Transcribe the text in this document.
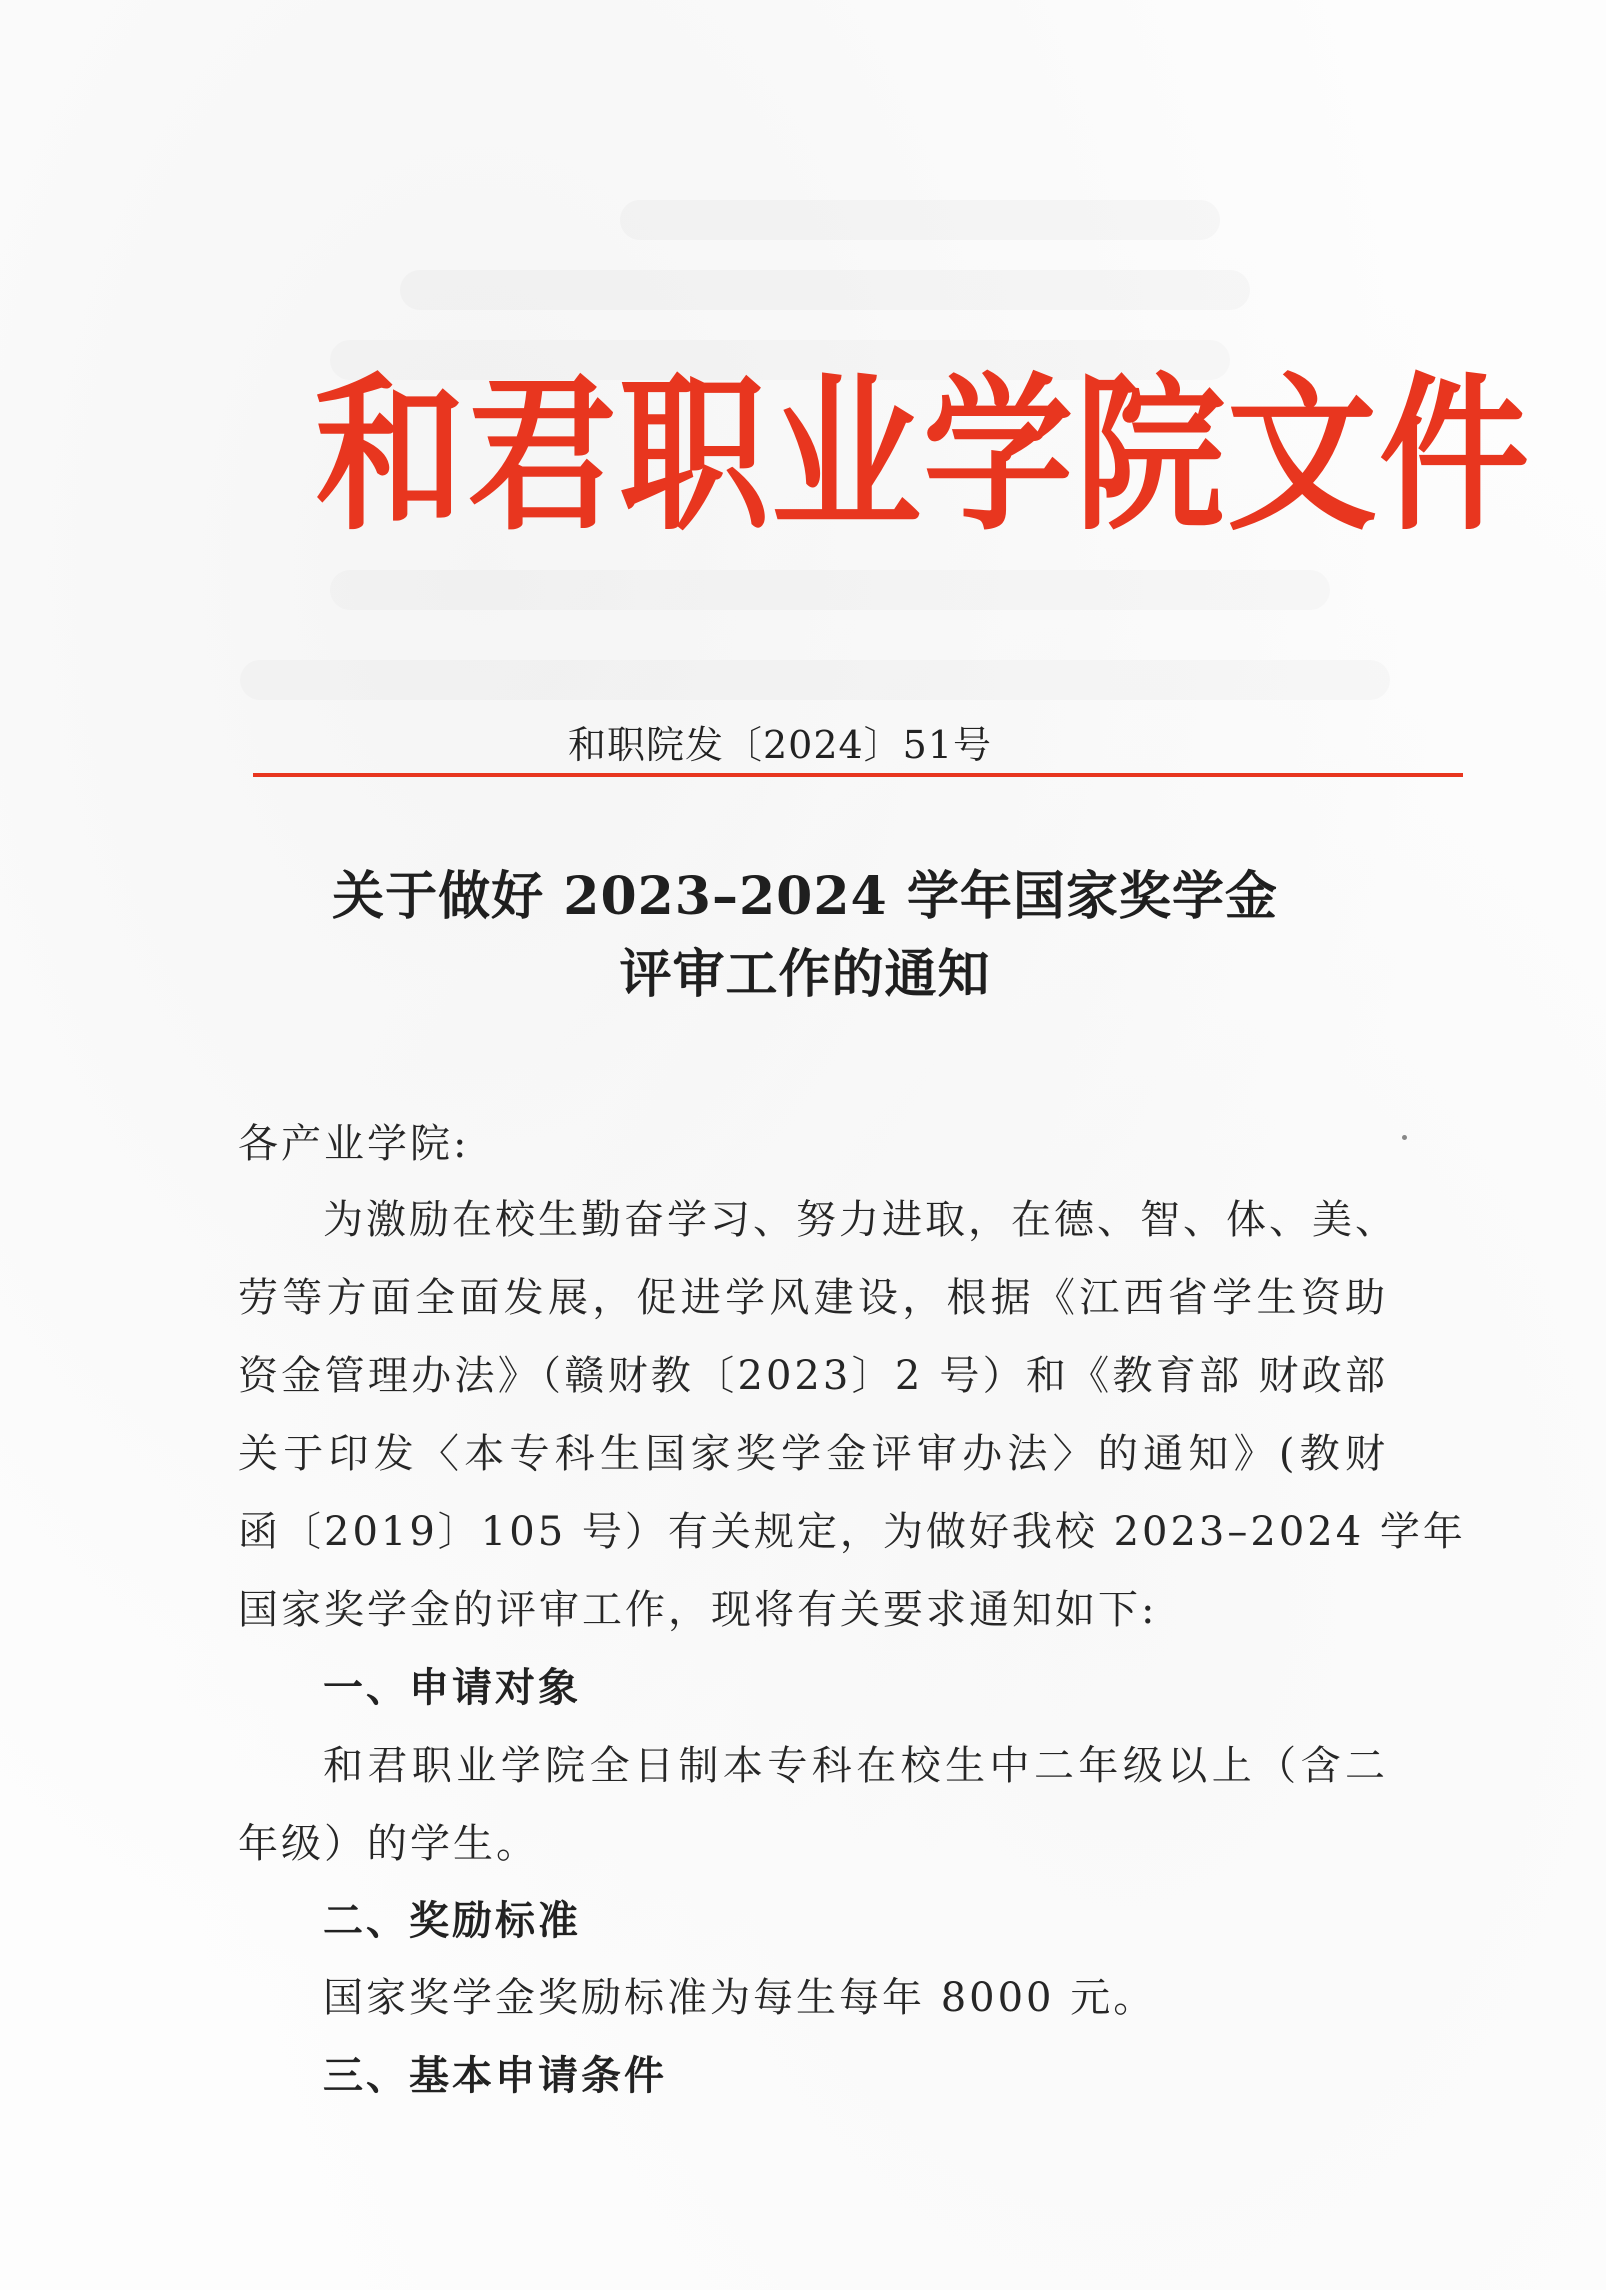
和君职业学院文件
和职院发〔2024〕51号
关于做好 2023–2024 学年国家奖学金
评审工作的通知
各产业学院:
为激励在校生勤奋学习、努力进取，在德、智、体、美、
劳等方面全面发展，促进学风建设，根据《江西省学生资助
资金管理办法》（赣财教〔2023〕2 号）和《教育部 财政部
关于印发〈本专科生国家奖学金评审办法〉的通知》(教财
函〔2019〕105 号）有关规定，为做好我校 2023–2024 学年
国家奖学金的评审工作，现将有关要求通知如下:
一、申请对象
和君职业学院全日制本专科在校生中二年级以上（含二
年级）的学生。
二、奖励标准
国家奖学金奖励标准为每生每年 8000 元。
三、基本申请条件
